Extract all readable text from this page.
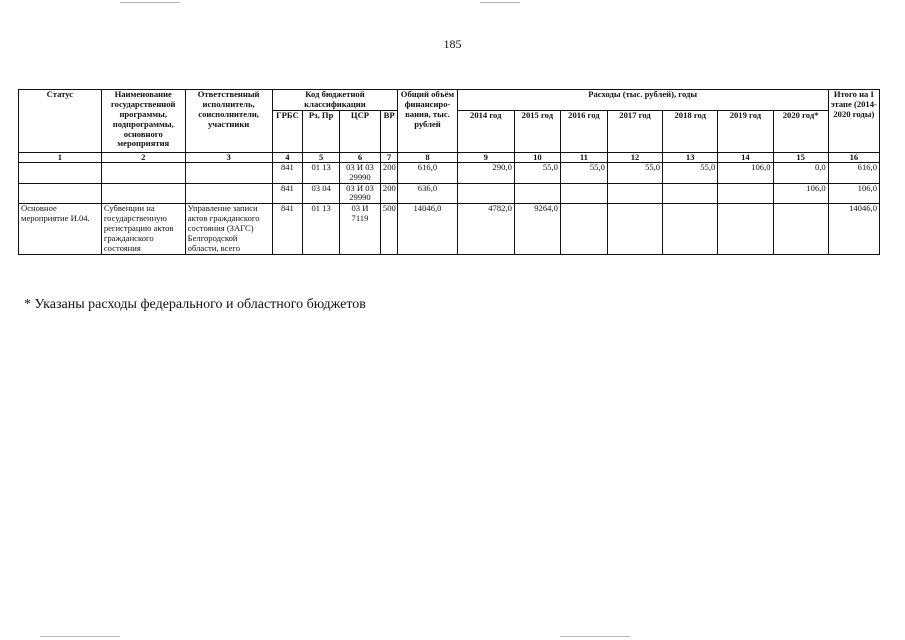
185
Статус	Наименование государственной программы, подпрограммы, основного мероприятия	Ответственный исполнитель, соисполнители, участники	Код бюджетной классификации				Общий объём финансиро-вания, тыс. рублей	Расходы (тыс. рублей), годы							Итого на I этапе (2014-2020 годы)
			ГРБС	Рз, Пр	ЦСР	ВР		2014 год	2015 год	2016 год	2017 год	2018 год	2019 год	2020 год*	
1	2	3	4	5	6	7	8	9	10	11	12	13	14	15	16
			841	01 13	03 И 03 29990	200	616,0	290,0	55,0	55,0	55,0	55,0	106,0	0,0	616,0
			841	03 04	03 И 03 29990	200	636,0							106,0	106,0
Основное мероприятие И.04.	Субвенции на государственную регистрацию актов гражданского состояния	Управление записи актов гражданского состояния (ЗАГС) Белгородской области, всего	841	01 13	03 И 7119	500	14046,0	4782,0	9264,0						14046,0
* Указаны расходы федерального и областного бюджетов
